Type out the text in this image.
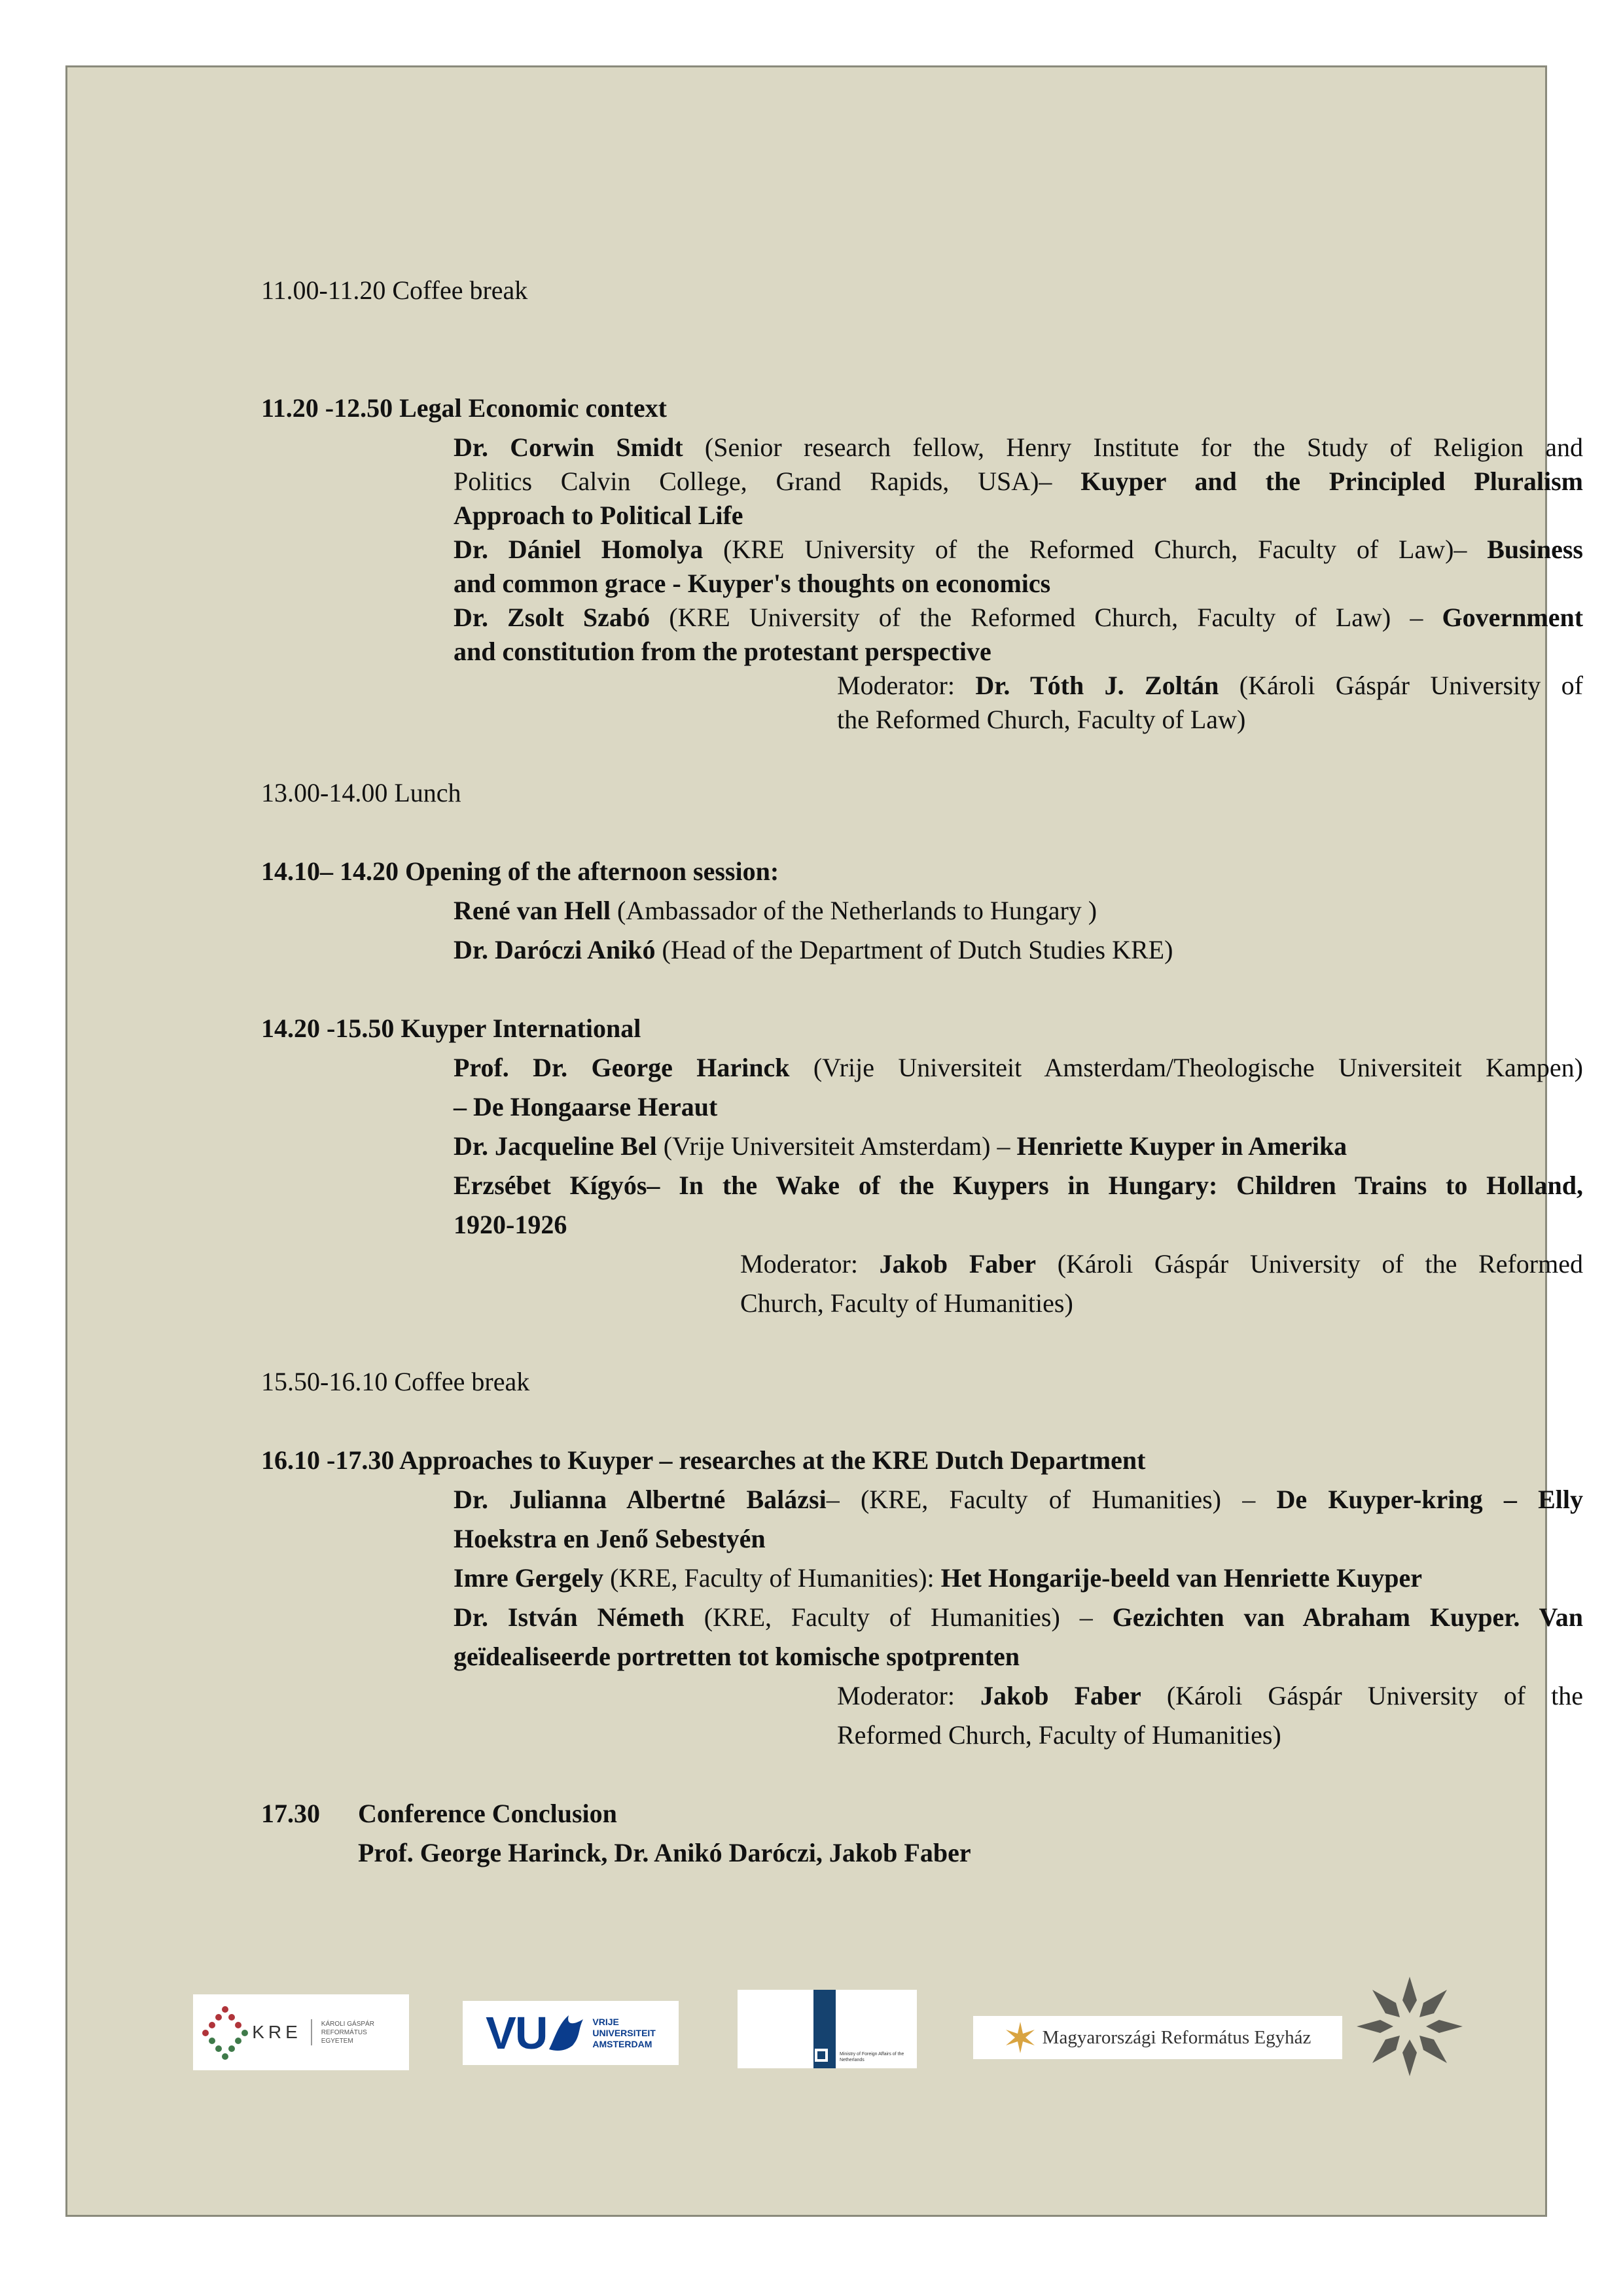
11.00-11.20 Coffee break
11.20 -12.50 Legal Economic context
Dr. Corwin Smidt (Senior research fellow, Henry Institute for the Study of Religion and
Politics Calvin College, Grand Rapids, USA)– Kuyper and the Principled Pluralism
Approach to Political Life
Dr. Dániel Homolya (KRE University of the Reformed Church, Faculty of Law)– Business
and common grace - Kuyper's thoughts on economics
Dr. Zsolt Szabó (KRE University of the Reformed Church, Faculty of Law) – Government
and constitution from the protestant perspective
Moderator: Dr. Tóth J. Zoltán (Károli Gáspár University of
the Reformed Church, Faculty of Law)
13.00-14.00 Lunch
14.10– 14.20 Opening of the afternoon session:
René van Hell (Ambassador of the Netherlands to Hungary )
Dr. Daróczi Anikó (Head of the Department of Dutch Studies KRE)
14.20 -15.50 Kuyper International
Prof. Dr. George Harinck (Vrije Universiteit Amsterdam/Theologische Universiteit Kampen)
– De Hongaarse Heraut
Dr. Jacqueline Bel (Vrije Universiteit Amsterdam) – Henriette Kuyper in Amerika
Erzsébet Kígyós– In the Wake of the Kuypers in Hungary: Children Trains to Holland,
1920-1926
Moderator: Jakob Faber (Károli Gáspár University of the Reformed
Church, Faculty of Humanities)
15.50-16.10 Coffee break
16.10 -17.30 Approaches to Kuyper – researches at the KRE Dutch Department
Dr. Julianna Albertné Balázsi– (KRE, Faculty of Humanities) – De Kuyper-kring – Elly
Hoekstra en Jenő Sebestyén
Imre Gergely (KRE, Faculty of Humanities): Het Hongarije-beeld van Henriette Kuyper
Dr. István Németh (KRE, Faculty of Humanities) – Gezichten van Abraham Kuyper. Van
geïdealiseerde portretten tot komische spotprenten
Moderator: Jakob Faber (Károli Gáspár University of the
Reformed Church, Faculty of Humanities)
17.30 Conference Conclusion
Prof. George Harinck, Dr. Anikó Daróczi, Jakob Faber
KRE	KÁROLI GÁSPÁR REFORMÁTUS EGYETEM	VU	VRIJE
UNIVERSITEIT
AMSTERDAM
Ministry of Foreign Affairs of the Netherlands
Magyarországi Református Egyház
